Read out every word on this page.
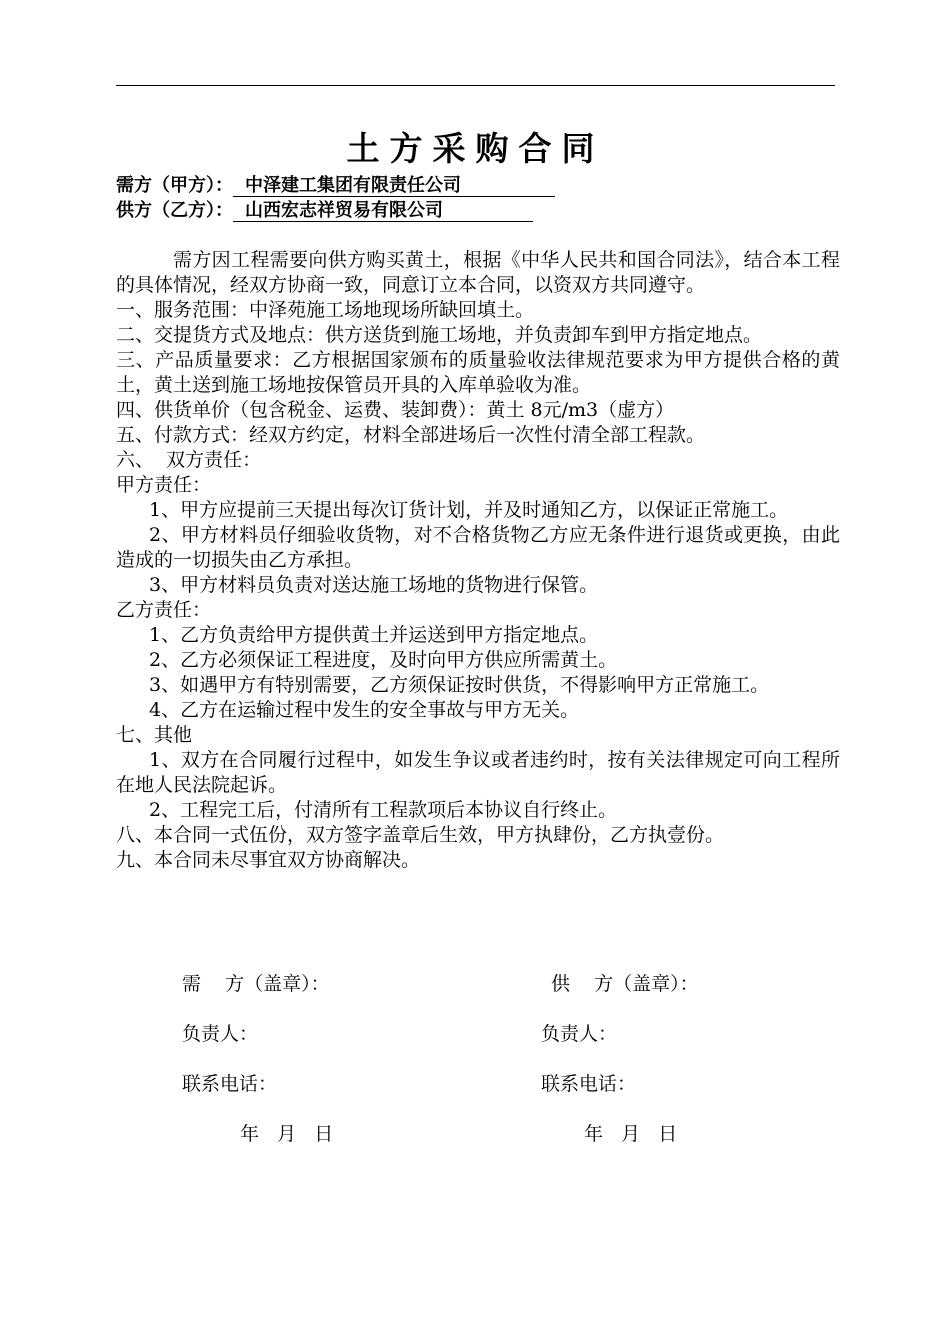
土方采购合同
需方（甲方）： 中泽建工集团有限责任公司
供方（乙方）： 山西宏志祥贸易有限公司

需方因工程需要向供方购买黄土，根据《中华人民共和国合同法》，结合本工程的具体情况，经双方协商一致，同意订立本合同，以资双方共同遵守。

一、服务范围：中泽苑施工场地现场所缺回填土。

二、交提货方式及地点：供方送货到施工场地，并负责卸车到甲方指定地点。

三、产品质量要求：乙方根据国家颁布的质量验收法律规范要求为甲方提供合格的黄土，黄土送到施工场地按保管员开具的入库单验收为准。

四、供货单价（包含税金、运费、装卸费）：黄土 8元/m3（虚方）

五、付款方式：经双方约定，材料全部进场后一次性付清全部工程款。

六、  双方责任：

甲方责任：

1、甲方应提前三天提出每次订货计划，并及时通知乙方，以保证正常施工。

2、甲方材料员仔细验收货物，对不合格货物乙方应无条件进行退货或更换，由此造成的一切损失由乙方承担。

3、甲方材料员负责对送达施工场地的货物进行保管。

乙方责任：

1、乙方负责给甲方提供黄土并运送到甲方指定地点。

2、乙方必须保证工程进度，及时向甲方供应所需黄土。

3、如遇甲方有特别需要，乙方须保证按时供货，不得影响甲方正常施工。

4、乙方在运输过程中发生的安全事故与甲方无关。

七、其他

1、双方在合同履行过程中，如发生争议或者违约时，按有关法律规定可向工程所在地人民法院起诉。

2、工程完工后，付清所有工程款项后本协议自行终止。

八、本合同一式伍份，双方签字盖章后生效，甲方执肆份，乙方执壹份。

九、本合同未尽事宜双方协商解决。

需    方（盖章）：	供    方（盖章）：
负责人：	负责人：
联系电话：	联系电话：
年   月   日	年   月   日
